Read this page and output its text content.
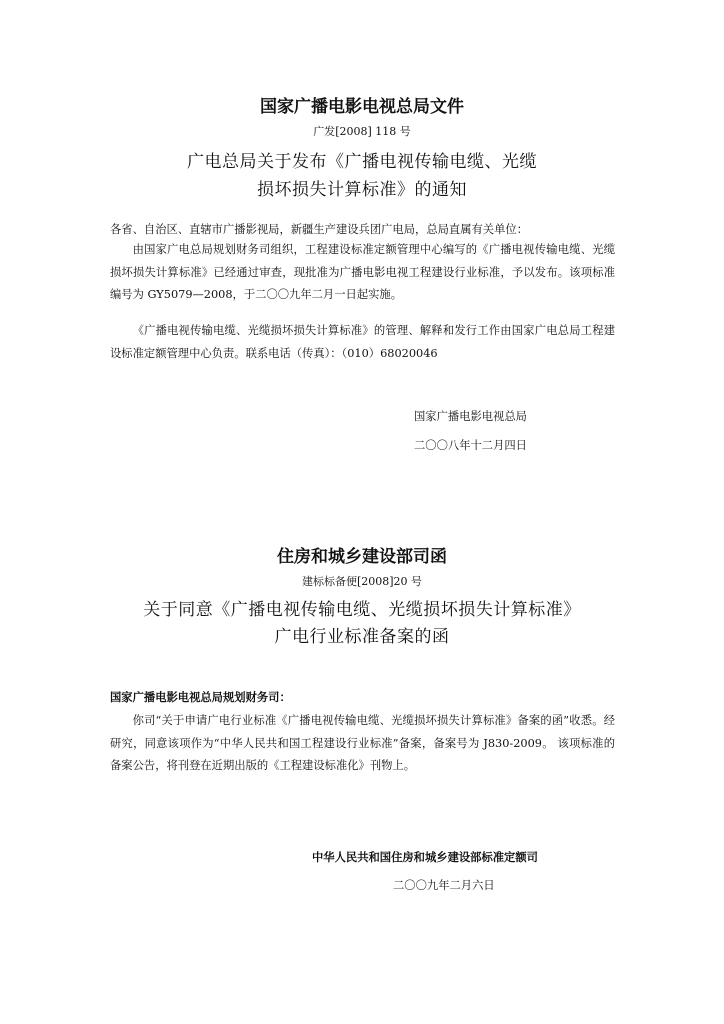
国家广播电影电视总局文件
广发[2008] 118 号
广电总局关于发布《广播电视传输电缆、光缆
损坏损失计算标准》的通知
各省、自治区、直辖市广播影视局，新疆生产建设兵团广电局，总局直属有关单位：
由国家广电总局规划财务司组织，工程建设标准定额管理中心编写的《广播电视传输电缆、光缆损坏损失计算标准》已经通过审查，现批准为广播电影电视工程建设行业标准，予以发布。该项标准编号为 GY5079—2008，于二〇〇九年二月一日起实施。
《广播电视传输电缆、光缆损坏损失计算标准》的管理、解释和发行工作由国家广电总局工程建设标准定额管理中心负责。联系电话（传真）：（010）68020046
国家广播电影电视总局
二〇〇八年十二月四日
住房和城乡建设部司函
建标标备便[2008]20 号
关于同意《广播电视传输电缆、光缆损坏损失计算标准》
广电行业标准备案的函
国家广播电影电视总局规划财务司：
你司“关于申请广电行业标准《广播电视传输电缆、光缆损坏损失计算标准》备案的函”收悉。经研究，同意该项作为“中华人民共和国工程建设行业标准”备案，备案号为 J830-2009。 该项标准的备案公告，将刊登在近期出版的《工程建设标准化》刊物上。
中华人民共和国住房和城乡建设部标准定额司
二〇〇九年二月六日
